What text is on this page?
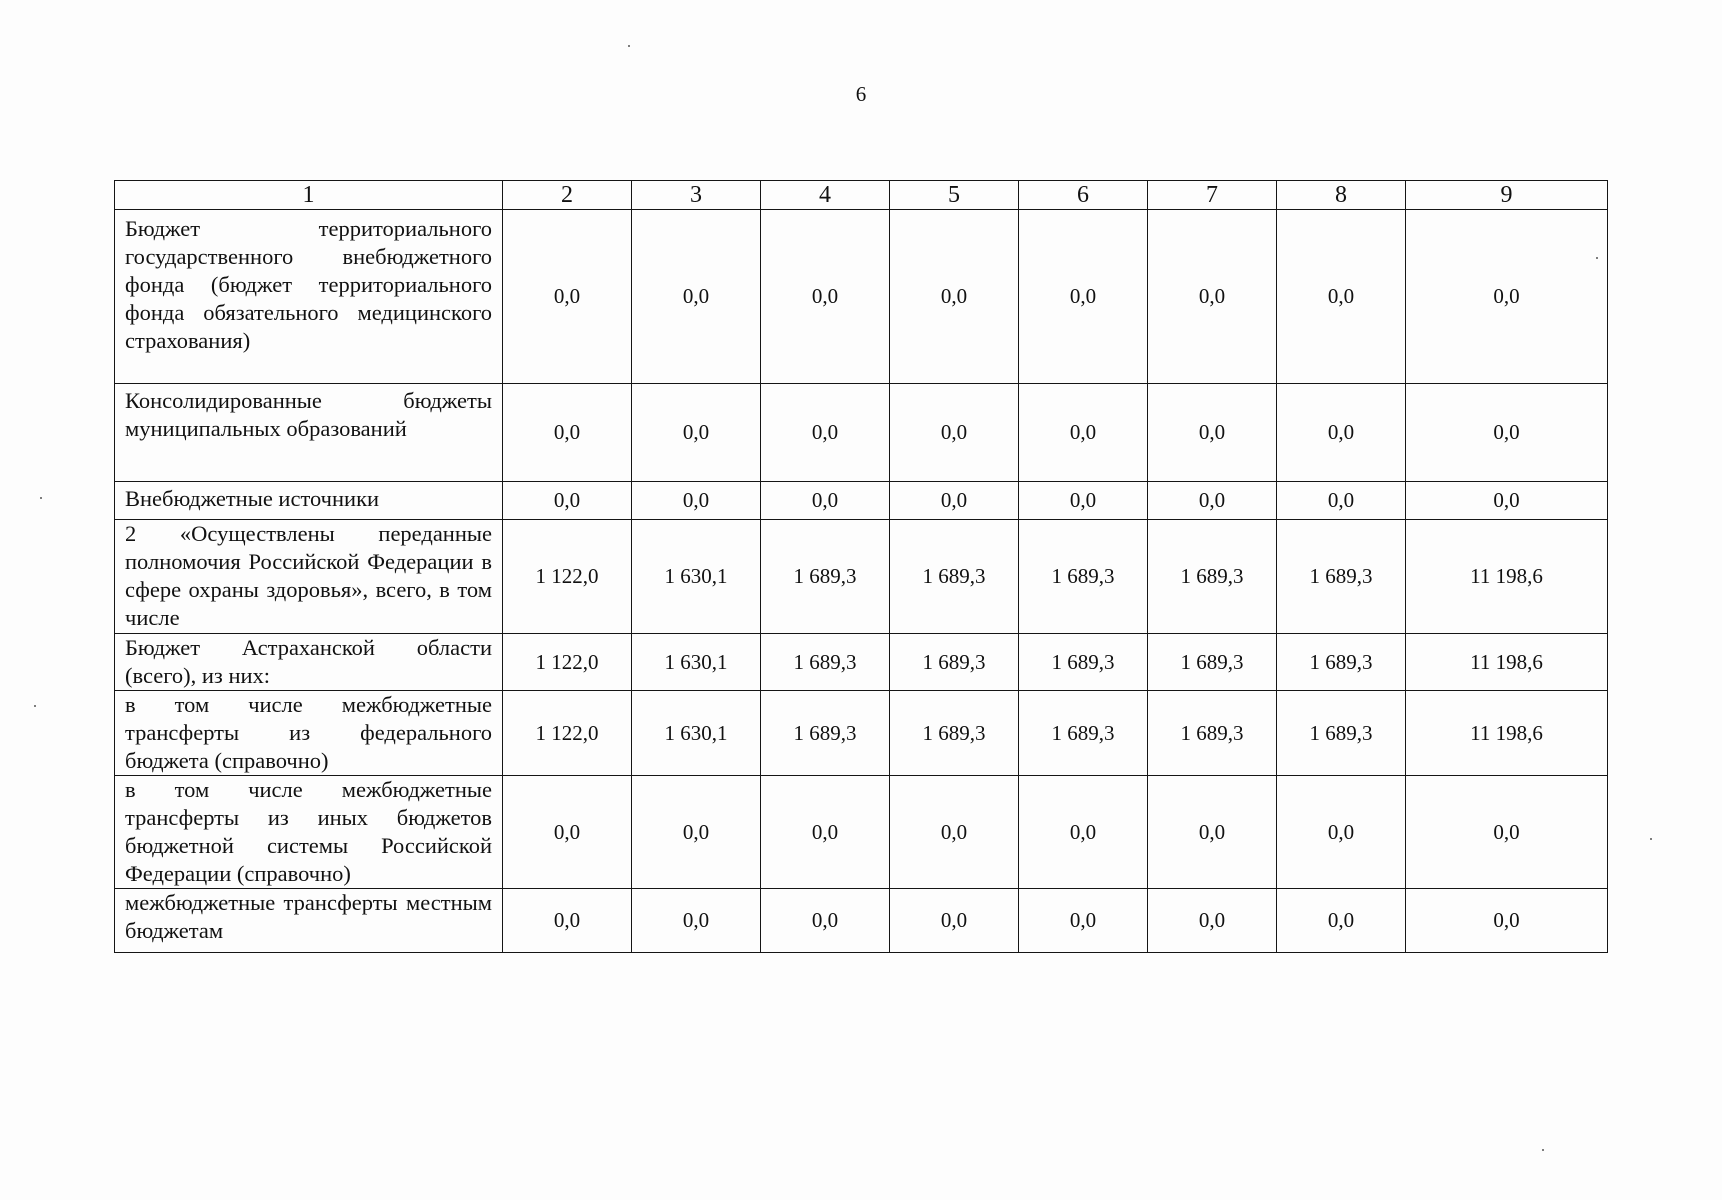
6
1	2	3	4	5	6	7	8	9
Бюджет территориального государственного внебюджетного фонда (бюджет территориального фонда обязательного медицинского страхования)	0,0	0,0	0,0	0,0	0,0	0,0	0,0	0,0
Консолидированные бюджеты муниципальных образований	0,0	0,0	0,0	0,0	0,0	0,0	0,0	0,0
Внебюджетные источники	0,0	0,0	0,0	0,0	0,0	0,0	0,0	0,0
2 «Осуществлены переданные полномочия Российской Федерации в сфере охраны здоровья», всего, в том числе	1 122,0	1 630,1	1 689,3	1 689,3	1 689,3	1 689,3	1 689,3	11 198,6
Бюджет Астраханской области (всего), из них:	1 122,0	1 630,1	1 689,3	1 689,3	1 689,3	1 689,3	1 689,3	11 198,6
в том числе межбюджетные трансферты из федерального бюджета (справочно)	1 122,0	1 630,1	1 689,3	1 689,3	1 689,3	1 689,3	1 689,3	11 198,6
в том числе межбюджетные трансферты из иных бюджетов бюджетной системы Российской Федерации (справочно)	0,0	0,0	0,0	0,0	0,0	0,0	0,0	0,0
межбюджетные трансферты местным бюджетам	0,0	0,0	0,0	0,0	0,0	0,0	0,0	0,0
